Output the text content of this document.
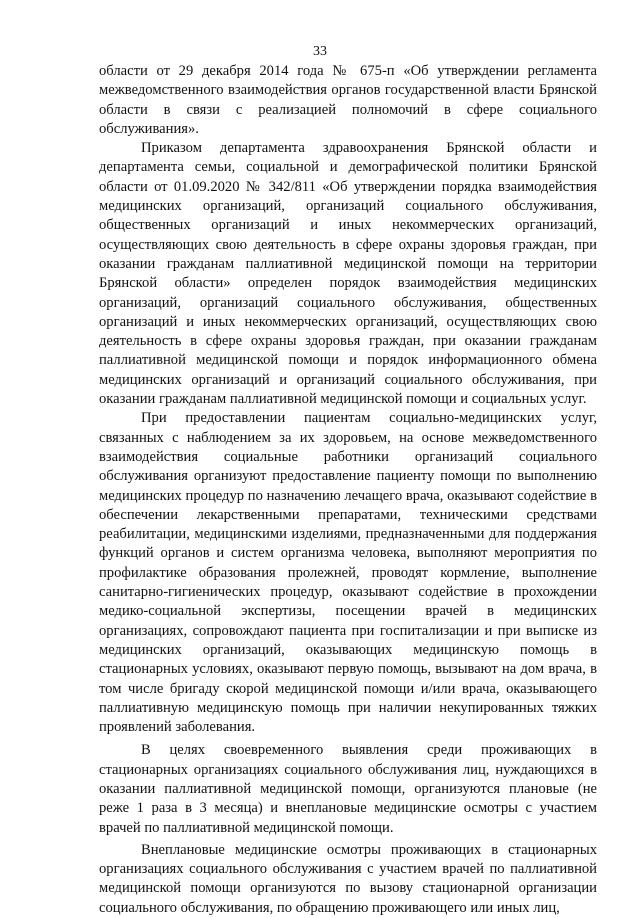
33

области от 29 декабря 2014 года № 675-п «Об утверждении регламента межведомственного взаимодействия органов государственной власти Брянской области в связи с реализацией полномочий в сфере социального обслуживания».

Приказом департамента здравоохранения Брянской области и департамента семьи, социальной и демографической политики Брянской области от 01.09.2020 № 342/811 «Об утверждении порядка взаимодействия медицинских организаций, организаций социального обслуживания, общественных организаций и иных некоммерческих организаций, осуществляющих свою деятельность в сфере охраны здоровья граждан, при оказании гражданам паллиативной медицинской помощи на территории Брянской области» определен порядок взаимодействия медицинских организаций, организаций социального обслуживания, общественных организаций и иных некоммерческих организаций, осуществляющих свою деятельность в сфере охраны здоровья граждан, при оказании гражданам паллиативной медицинской помощи и порядок информационного обмена медицинских организаций и организаций социального обслуживания, при оказании гражданам паллиативной медицинской помощи и социальных услуг.

При предоставлении пациентам социально-медицинских услуг, связанных с наблюдением за их здоровьем, на основе межведомственного взаимодействия социальные работники организаций социального обслуживания организуют предоставление пациенту помощи по выполнению медицинских процедур по назначению лечащего врача, оказывают содействие в обеспечении лекарственными препаратами, техническими средствами реабилитации, медицинскими изделиями, предназначенными для поддержания функций органов и систем организма человека, выполняют мероприятия по профилактике образования пролежней, проводят кормление, выполнение санитарно-гигиенических процедур, оказывают содействие в прохождении медико-социальной экспертизы, посещении врачей в медицинских организациях, сопровождают пациента при госпитализации и при выписке из медицинских организаций, оказывающих медицинскую помощь в стационарных условиях, оказывают первую помощь, вызывают на дом врача, в том числе бригаду скорой медицинской помощи и/или врача, оказывающего паллиативную медицинскую помощь при наличии некупированных тяжких проявлений заболевания.

В целях своевременного выявления среди проживающих в стационарных организациях социального обслуживания лиц, нуждающихся в оказании паллиативной медицинской помощи, организуются плановые (не реже 1 раза в 3 месяца) и внеплановые медицинские осмотры с участием врачей по паллиативной медицинской помощи.

Внеплановые медицинские осмотры проживающих в стационарных организациях социального обслуживания с участием врачей по паллиативной медицинской помощи организуются по вызову стационарной организации социального обслуживания, по обращению проживающего или иных лиц,
